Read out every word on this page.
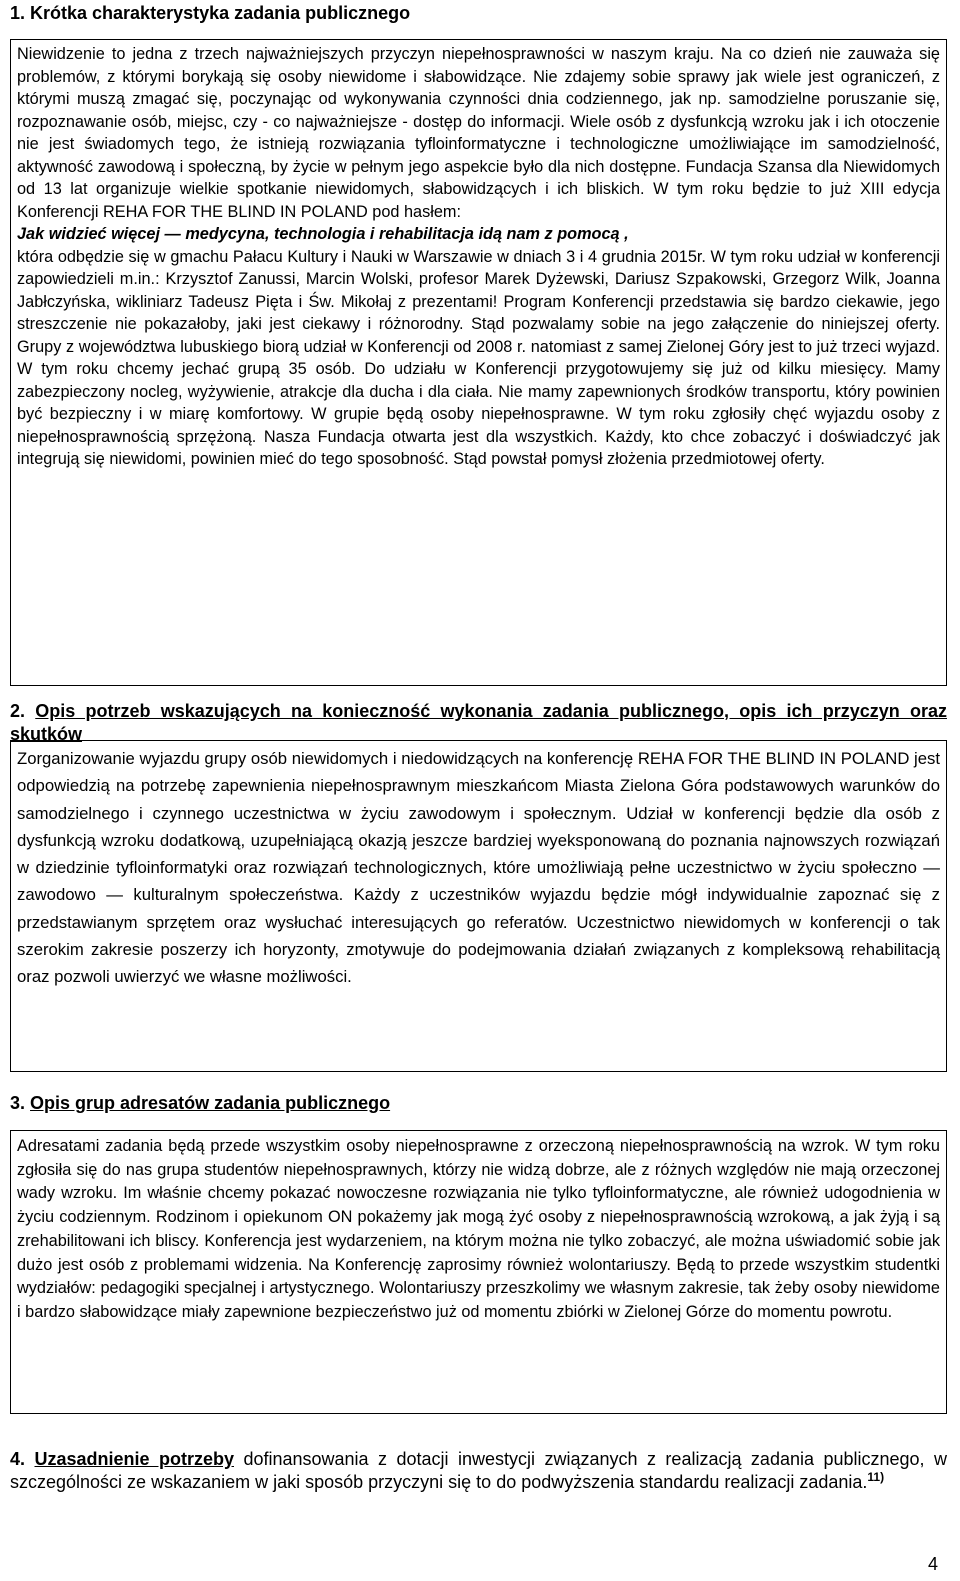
1. Krótka charakterystyka zadania publicznego

Niewidzenie to jedna z trzech najważniejszych przyczyn niepełnosprawności w naszym kraju. Na co dzień nie zauważa się problemów, z którymi borykają się osoby niewidome i słabowidzące. Nie zdajemy sobie sprawy jak wiele jest ograniczeń, z którymi muszą zmagać się, poczynając od wykonywania czynności dnia codziennego, jak np. samodzielne poruszanie się, rozpoznawanie osób, miejsc, czy - co najważniejsze - dostęp do informacji. Wiele osób z dysfunkcją wzroku jak i ich otoczenie nie jest świadomych tego, że istnieją rozwiązania tyfloinformatyczne i technologiczne umożliwiające im samodzielność, aktywność zawodową i społeczną, by życie w pełnym jego aspekcie było dla nich dostępne. Fundacja Szansa dla Niewidomych od 13 lat organizuje wielkie spotkanie niewidomych, słabowidzących i ich bliskich. W tym roku będzie to już XIII edycja Konferencji REHA FOR THE BLIND IN POLAND pod hasłem:

Jak widzieć więcej — medycyna, technologia i rehabilitacja idą nam z pomocą ,

która odbędzie się w gmachu Pałacu Kultury i Nauki w Warszawie w dniach 3 i 4 grudnia 2015r. W tym roku udział w konferencji zapowiedzieli m.in.: Krzysztof Zanussi, Marcin Wolski, profesor Marek Dyżewski, Dariusz Szpakowski, Grzegorz Wilk, Joanna Jabłczyńska, wikliniarz Tadeusz Pięta i Św. Mikołaj z prezentami! Program Konferencji przedstawia się bardzo ciekawie, jego streszczenie nie pokazałoby, jaki jest ciekawy i różnorodny. Stąd pozwalamy sobie na jego załączenie do niniejszej oferty. Grupy z województwa lubuskiego biorą udział w Konferencji od 2008 r. natomiast z samej Zielonej Góry jest to już trzeci wyjazd. W tym roku chcemy jechać grupą 35 osób. Do udziału w Konferencji przygotowujemy się już od kilku miesięcy. Mamy zabezpieczony nocleg, wyżywienie, atrakcje dla ducha i dla ciała. Nie mamy zapewnionych środków transportu, który powinien być bezpieczny i w miarę komfortowy. W grupie będą osoby niepełnosprawne. W tym roku zgłosiły chęć wyjazdu osoby z niepełnosprawnością sprzężoną. Nasza Fundacja otwarta jest dla wszystkich. Każdy, kto chce zobaczyć i doświadczyć jak integrują się niewidomi, powinien mieć do tego sposobność. Stąd powstał pomysł złożenia przedmiotowej oferty.

2. Opis potrzeb wskazujących na konieczność wykonania zadania publicznego, opis ich przyczyn oraz skutków

Zorganizowanie wyjazdu grupy osób niewidomych i niedowidzących na konferencję REHA FOR THE BLIND IN POLAND jest odpowiedzią na potrzebę zapewnienia niepełnosprawnym mieszkańcom Miasta Zielona Góra podstawowych warunków do samodzielnego i czynnego uczestnictwa w życiu zawodowym i społecznym. Udział w konferencji będzie dla osób z dysfunkcją wzroku dodatkową, uzupełniającą okazją jeszcze bardziej wyeksponowaną do poznania najnowszych rozwiązań w dziedzinie tyfloinformatyki oraz rozwiązań technologicznych, które umożliwiają pełne uczestnictwo w życiu społeczno — zawodowo — kulturalnym społeczeństwa. Każdy z uczestników wyjazdu będzie mógł indywidualnie zapoznać się z przedstawianym sprzętem oraz wysłuchać interesujących go referatów. Uczestnictwo niewidomych w konferencji o tak szerokim zakresie poszerzy ich horyzonty, zmotywuje do podejmowania działań związanych z kompleksową rehabilitacją oraz pozwoli uwierzyć we własne możliwości.

3. Opis grup adresatów zadania publicznego

Adresatami zadania będą przede wszystkim osoby niepełnosprawne z orzeczoną niepełnosprawnością na wzrok. W tym roku zgłosiła się do nas grupa studentów niepełnosprawnych, którzy nie widzą dobrze, ale z różnych względów nie mają orzeczonej wady wzroku. Im właśnie chcemy pokazać nowoczesne rozwiązania nie tylko tyfloinformatyczne, ale również udogodnienia w życiu codziennym. Rodzinom i opiekunom ON pokażemy jak mogą żyć osoby z niepełnosprawnością wzrokową, a jak żyją i są zrehabilitowani ich bliscy. Konferencja jest wydarzeniem, na którym można nie tylko zobaczyć, ale można uświadomić sobie jak dużo jest osób z problemami widzenia. Na Konferencję zaprosimy również wolontariuszy. Będą to przede wszystkim studentki wydziałów: pedagogiki specjalnej i artystycznego. Wolontariuszy przeszkolimy we własnym zakresie, tak żeby osoby niewidome i bardzo słabowidzące miały zapewnione bezpieczeństwo już od momentu zbiórki w Zielonej Górze do momentu powrotu.

4. Uzasadnienie potrzeby dofinansowania z dotacji inwestycji związanych z realizacją zadania publicznego, w szczególności ze wskazaniem w jaki sposób przyczyni się to do podwyższenia standardu realizacji zadania.$^{11)}$
4
